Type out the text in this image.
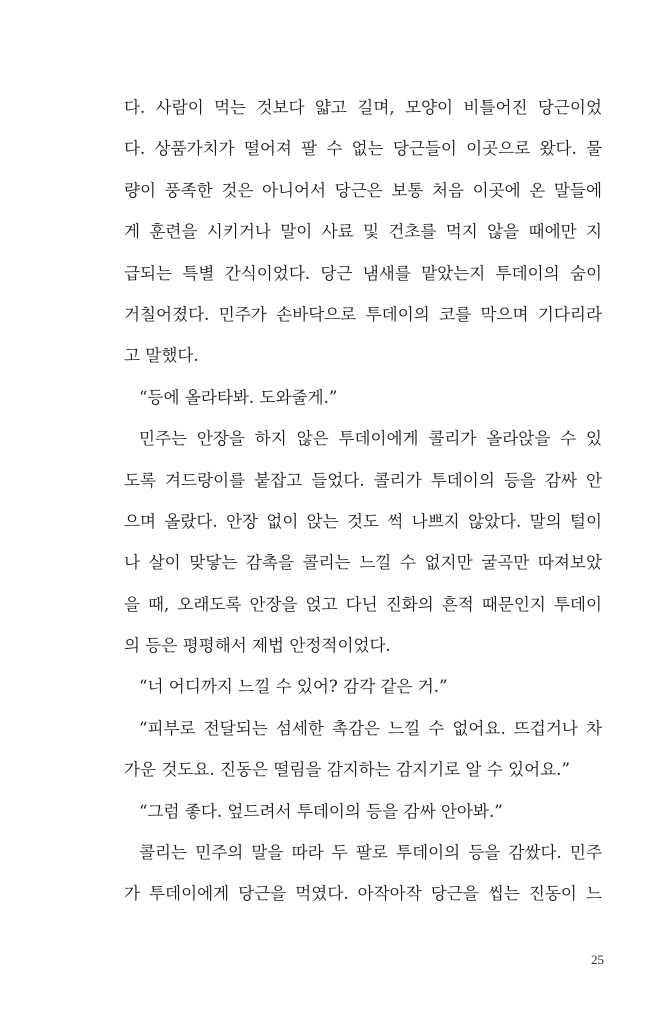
다. 사람이 먹는 것보다 얇고 길며, 모양이 비틀어진 당근이었

다. 상품가치가 떨어져 팔 수 없는 당근들이 이곳으로 왔다. 물

량이 풍족한 것은 아니어서 당근은 보통 처음 이곳에 온 말들에

게 훈련을 시키거나 말이 사료 및 건초를 먹지 않을 때에만 지

급되는 특별 간식이었다. 당근 냄새를 맡았는지 투데이의 숨이

거칠어졌다. 민주가 손바닥으로 투데이의 코를 막으며 기다리라

고 말했다.

“등에 올라타봐. 도와줄게.”

민주는 안장을 하지 않은 투데이에게 콜리가 올라앉을 수 있

도록 겨드랑이를 붙잡고 들었다. 콜리가 투데이의 등을 감싸 안

으며 올랐다. 안장 없이 앉는 것도 썩 나쁘지 않았다. 말의 털이

나 살이 맞닿는 감촉을 콜리는 느낄 수 없지만 굴곡만 따져보았

을 때, 오래도록 안장을 얹고 다닌 진화의 흔적 때문인지 투데이

의 등은 평평해서 제법 안정적이었다.

“너 어디까지 느낄 수 있어? 감각 같은 거.”

“피부로 전달되는 섬세한 촉감은 느낄 수 없어요. 뜨겁거나 차

가운 것도요. 진동은 떨림을 감지하는 감지기로 알 수 있어요.”

“그럼 좋다. 엎드려서 투데이의 등을 감싸 안아봐.”

콜리는 민주의 말을 따라 두 팔로 투데이의 등을 감쌌다. 민주

가 투데이에게 당근을 먹였다. 아작아작 당근을 씹는 진동이 느

25
